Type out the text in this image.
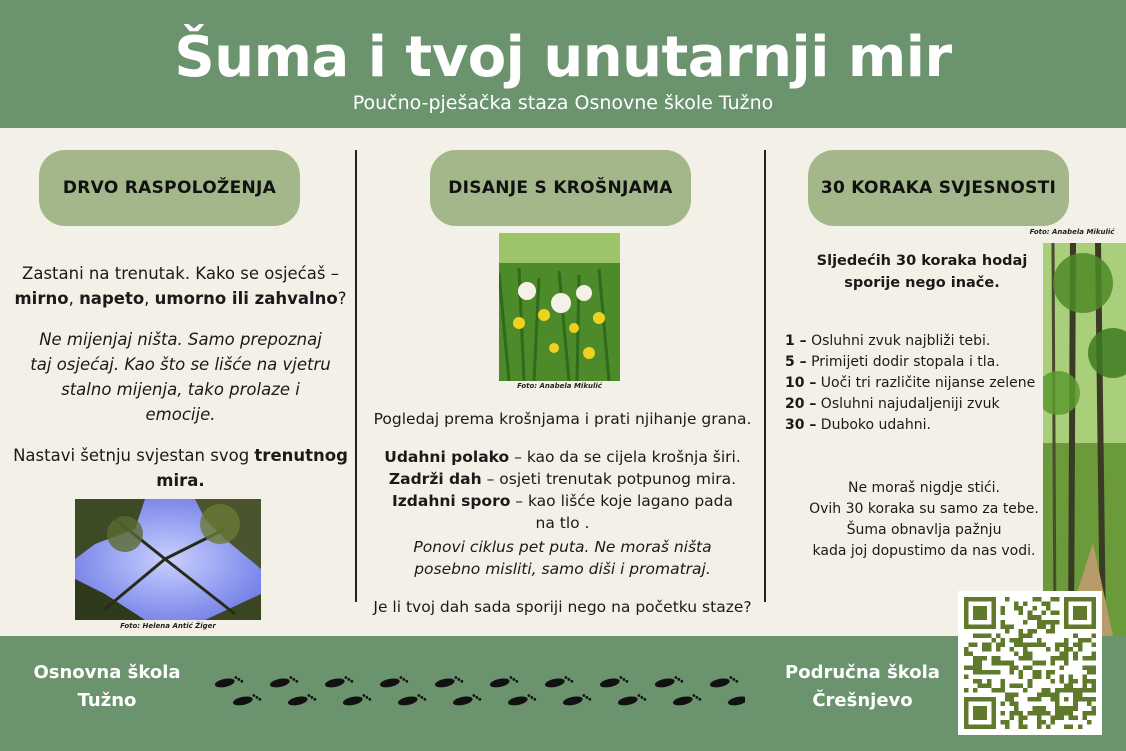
Šuma i tvoj unutarnji mir
Poučno-pješačka staza Osnovne škole Tužno
DRVO RASPOLOŽENJA

Zastani na trenutak. Kako se osjećaš – mirno, napeto, umorno ili zahvalno?

Ne mijenjaj ništa. Samo prepoznaj taj osjećaj. Kao što se lišće na vjetru stalno mijenja, tako prolaze i emocije.

Nastavi šetnju svjestan svog trenutnog mira.

Foto: Helena Antić Žiger
DISANJE S KROŠNJAMA
Foto: Anabela Mikulić

Pogledaj prema krošnjama i prati njihanje grana.

Udahni polako – kao da se cijela krošnja širi.
Zadrži dah – osjeti trenutak potpunog mira.
Izdahni sporo – kao lišće koje lagano pada na tlo .

Ponovi ciklus pet puta. Ne moraš ništa posebno misliti, samo diši i promatraj.

Je li tvoj dah sada sporiji nego na početku staze?

30 KORAKA SVJESNOSTI
Foto: Anabela Mikulić
Sljedećih 30 koraka hodaj sporije nego inače.
1 – Osluhni zvuk najbliži tebi.
5 – Primijeti dodir stopala i tla.
10 – Uoči tri različite nijanse zelene
20 – Osluhni najudaljeniji zvuk
30 – Duboko udahni.
Ne moraš nigdje stići.
Ovih 30 koraka su samo za tebe.
Šuma obnavlja pažnju
kada joj dopustimo da nas vodi.
Osnovna škola
Tužno
Područna škola
Črešnjevo
